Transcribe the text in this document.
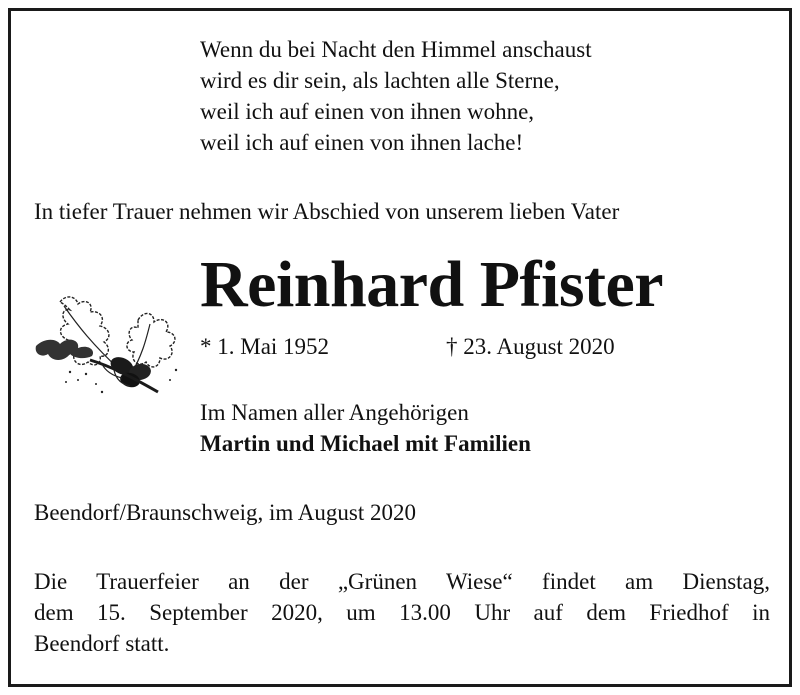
Wenn du bei Nacht den Himmel anschaust
wird es dir sein, als lachten alle Sterne,
weil ich auf einen von ihnen wohne,
weil ich auf einen von ihnen lache!
In tiefer Trauer nehmen wir Abschied von unserem lieben Vater
Reinhard Pfister
* 1. Mai 1952	† 23. August 2020
Im Namen aller Angehörigen
Martin und Michael mit Familien
Beendorf/Braunschweig, im August 2020
Die Trauerfeier an der „Grünen Wiese“ findet am Dienstag,
dem 15. September 2020, um 13.00 Uhr auf dem Friedhof in
Beendorf statt.
